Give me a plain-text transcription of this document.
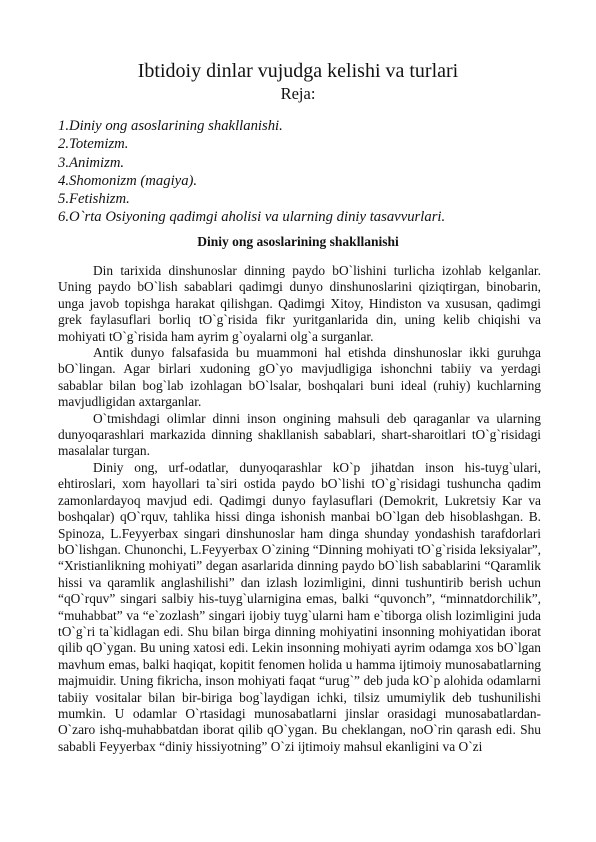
Ibtidoiy dinlar vujudga kelishi va turlari
Reja:
1.Diniy ong asoslarining shakllanishi.
2.Totemizm.
3.Animizm.
4.Shomonizm (magiya).
5.Fetishizm.
6.O`rta Osiyoning qadimgi aholisi va ularning diniy tasavvurlari.
Diniy ong asoslarining shakllanishi

Din tarixida dinshunoslar dinning paydo bO`lishini turlicha izohlab kelganlar. Uning paydo bO`lish sabablari qadimgi dunyo dinshunoslarini qiziqtirgan, binobarin, unga javob topishga harakat qilishgan. Qadimgi Xitoy, Hindiston va xususan, qadimgi grek faylasuflari borliq tO`g`risida fikr yuritganlarida din, uning kelib chiqishi va mohiyati tO`g`risida ham ayrim g`oyalarni olg`a surganlar.

Antik dunyo falsafasida bu muammoni hal etishda dinshunoslar ikki guruhga bO`lingan. Agar birlari xudoning gO`yo mavjudligiga ishonchni tabiiy va yerdagi sabablar bilan bog`lab izohlagan bO`lsalar, boshqalari buni ideal (ruhiy) kuchlarning mavjudligidan axtarganlar.

O`tmishdagi olimlar dinni inson ongining mahsuli deb qaraganlar va ularning dunyoqarashlari markazida dinning shakllanish sabablari, shart-sharoitlari tO`g`risidagi masalalar turgan.

Diniy ong, urf-odatlar, dunyoqarashlar kO`p jihatdan inson his-tuyg`ulari, ehtiroslari, xom hayollari ta`siri ostida paydo bO`lishi tO`g`risidagi tushuncha qadim zamonlardayoq mavjud edi. Qadimgi dunyo faylasuflari (Demokrit, Lukretsiy Kar va boshqalar) qO`rquv, tahlika hissi dinga ishonish manbai bO`lgan deb hisoblashgan. B. Spinoza, L.Feyyerbax singari dinshunoslar ham dinga shunday yondashish tarafdorlari bO`lishgan. Chunonchi, L.Feyyerbax O`zining “Dinning mohiyati tO`g`risida leksiyalar”, “Xristianlikning mohiyati” degan asarlarida dinning paydo bO`lish sabablarini “Qaramlik hissi va qaramlik anglashilishi” dan izlash lozimligini, dinni tushuntirib berish uchun “qO`rquv” singari salbiy his-tuyg`ularnigina emas, balki “quvonch”, “minnatdorchilik”, “muhabbat” va “e`zozlash” singari ijobiy tuyg`ularni ham e`tiborga olish lozimligini juda tO`g`ri ta`kidlagan edi. Shu bilan birga dinning mohiyatini insonning mohiyatidan iborat qilib qO`ygan. Bu uning xatosi edi. Lekin insonning mohiyati ayrim odamga xos bO`lgan mavhum emas, balki haqiqat, kopitit fenomen holida u hamma ijtimoiy munosabatlarning majmuidir. Uning fikricha, inson mohiyati faqat “urug`” deb juda kO`p alohida odamlarni tabiiy vositalar bilan bir-biriga bog`laydigan ichki, tilsiz umumiylik deb tushunilishi mumkin. U odamlar O`rtasidagi munosabatlarni jinslar orasidagi munosabatlardan-O`zaro ishq-muhabbatdan iborat qilib qO`ygan. Bu cheklangan, noO`rin qarash edi. Shu sababli Feyyerbax “diniy hissiyotning” O`zi ijtimoiy mahsul ekanligini va O`zi
